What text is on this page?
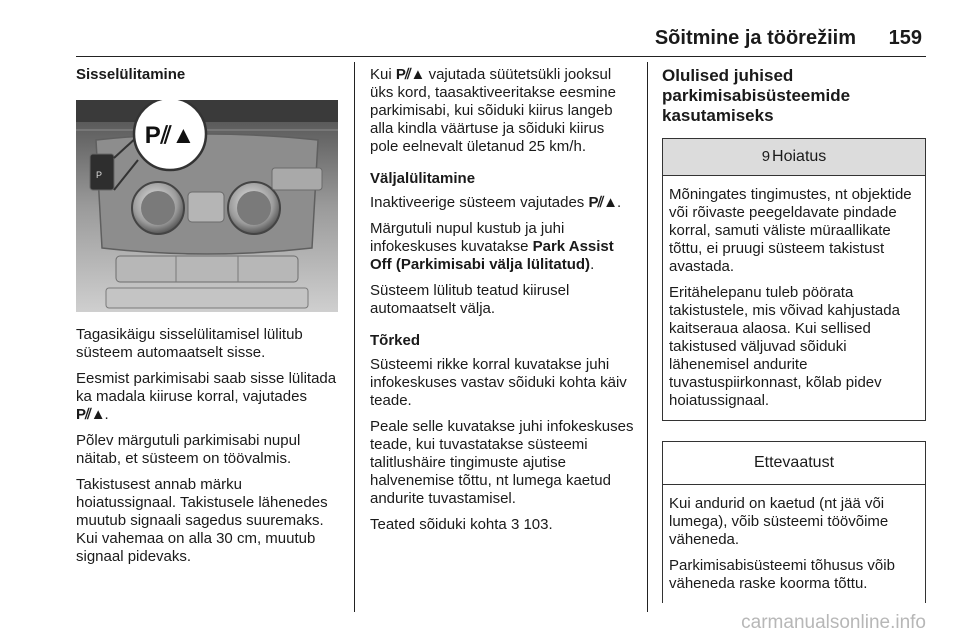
Sõitmine ja töörežiim 159
Sisselülitamine
P
P⫽▲

Tagasikäigu sisselülitamisel lülitub süsteem automaatselt sisse.

Eesmist parkimisabi saab sisse lülitada ka madala kiiruse korral, vajutades P⫽▲.

Põlev märgutuli parkimisabi nupul näitab, et süsteem on töövalmis.

Takistusest annab märku hoiatussignaal. Takistusele lähenedes muutub signaali sagedus suuremaks. Kui vahemaa on alla 30 cm, muutub signaal pidevaks.

Kui P⫽▲ vajutada süütetsükli jooksul üks kord, taasaktiveeritakse eesmine parkimisabi, kui sõiduki kiirus langeb alla kindla väärtuse ja sõiduki kiirus pole eelnevalt ületanud 25 km/h.

Väljalülitamine

Inaktiveerige süsteem vajutades P⫽▲.

Märgutuli nupul kustub ja juhi infokeskuses kuvatakse Park Assist Off (Parkimisabi välja lülitatud).

Süsteem lülitub teatud kiirusel automaatselt välja.

Tõrked

Süsteemi rikke korral kuvatakse juhi infokeskuses vastav sõiduki kohta käiv teade.

Peale selle kuvatakse juhi infokeskuses teade, kui tuvastatakse süsteemi talitlushäire tingimuste ajutise halvenemise tõttu, nt lumega kaetud andurite tuvastamisel.

Teated sõiduki kohta 3 103.

Olulised juhised parkimisabisüsteemide kasutamiseks
9 Hoiatus

Mõningates tingimustes, nt objektide või rõivaste peegeldavate pindade korral, samuti väliste müraallikate tõttu, ei pruugi süsteem takistust avastada.

Eritähelepanu tuleb pöörata takistustele, mis võivad kahjustada kaitseraua alaosa. Kui sellised takistused väljuvad sõiduki lähenemisel andurite tuvastuspiirkonnast, kõlab pidev hoiatussignaal.

Ettevaatust

Kui andurid on kaetud (nt jää või lumega), võib süsteemi töövõime väheneda.

Parkimisabisüsteemi tõhusus võib väheneda raske koorma tõttu.

carmanualsonline.info
